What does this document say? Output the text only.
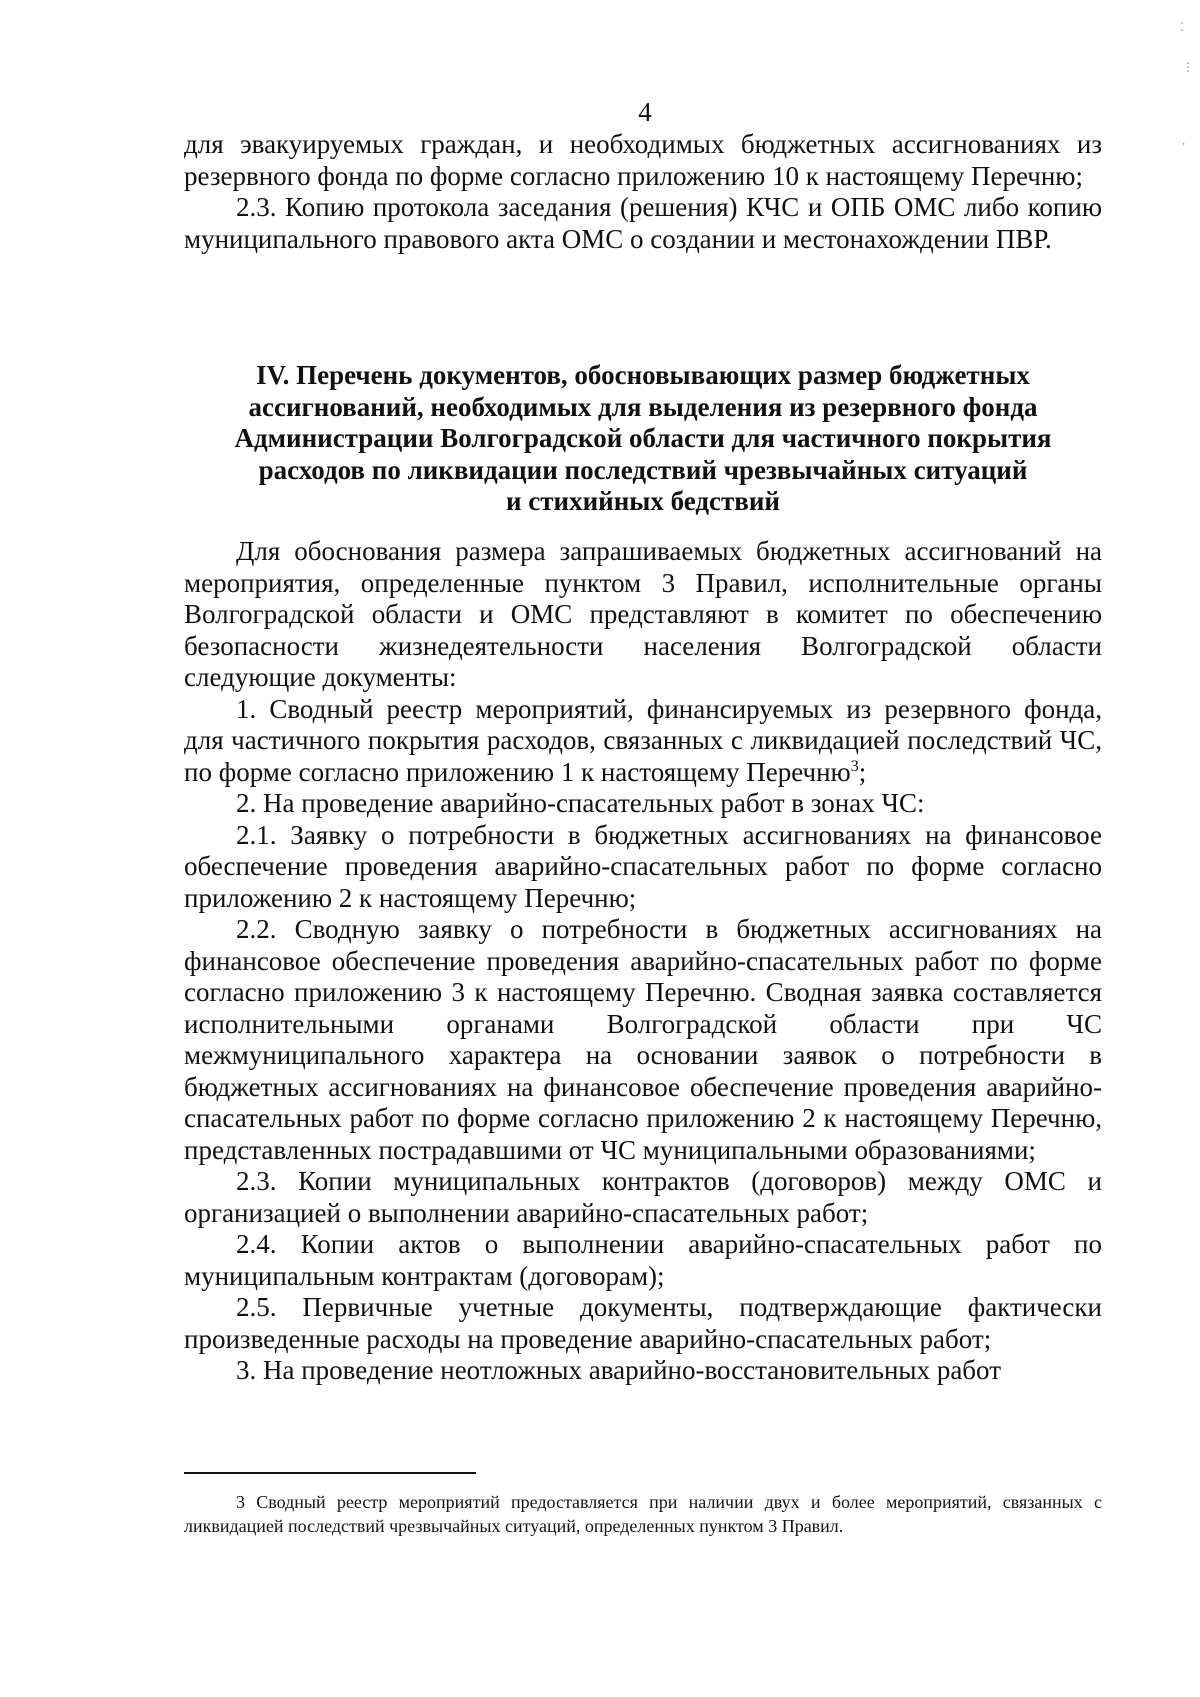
4

для эвакуируемых граждан, и необходимых бюджетных ассигнованиях из резервного фонда по форме согласно приложению 10 к настоящему Перечню;

2.3. Копию протокола заседания (решения) КЧС и ОПБ ОМС либо копию муниципального правового акта ОМС о создании и местонахождении ПВР.

IV. Перечень документов, обосновывающих размер бюджетных

ассигнований, необходимых для выделения из резервного фонда

Администрации Волгоградской области для частичного покрытия

расходов по ликвидации последствий чрезвычайных ситуаций

и стихийных бедствий

Для обоснования размера запрашиваемых бюджетных ассигнований на мероприятия, определенные пунктом 3 Правил, исполнительные органы Волгоградской области и ОМС представляют в комитет по обеспечению безопасности жизнедеятельности населения Волгоградской области следующие документы:

1. Сводный реестр мероприятий, финансируемых из резервного фонда, для частичного покрытия расходов, связанных с ликвидацией последствий ЧС, по форме согласно приложению 1 к настоящему Перечню$^3$;

2. На проведение аварийно-спасательных работ в зонах ЧС:

2.1. Заявку о потребности в бюджетных ассигнованиях на финансовое обеспечение проведения аварийно-спасательных работ по форме согласно приложению 2 к настоящему Перечню;

2.2. Сводную заявку о потребности в бюджетных ассигнованиях на финансовое обеспечение проведения аварийно-спасательных работ по форме согласно приложению 3 к настоящему Перечню. Сводная заявка составляется исполнительными органами Волгоградской области при ЧС межмуниципального характера на основании заявок о потребности в бюджетных ассигнованиях на финансовое обеспечение проведения аварийно-спасательных работ по форме согласно приложению 2 к настоящему Перечню, представленных пострадавшими от ЧС муниципальными образованиями;

2.3. Копии муниципальных контрактов (договоров) между ОМС и организацией о выполнении аварийно-спасательных работ;

2.4. Копии актов о выполнении аварийно-спасательных работ по муниципальным контрактам (договорам);

2.5. Первичные учетные документы, подтверждающие фактически произведенные расходы на проведение аварийно-спасательных работ;

3. На проведение неотложных аварийно-восстановительных работ

3 Сводный реестр мероприятий предоставляется при наличии двух и более мероприятий, связанных с ликвидацией последствий чрезвычайных ситуаций, определенных пунктом 3 Правил.

⁚
⋮
⸱
